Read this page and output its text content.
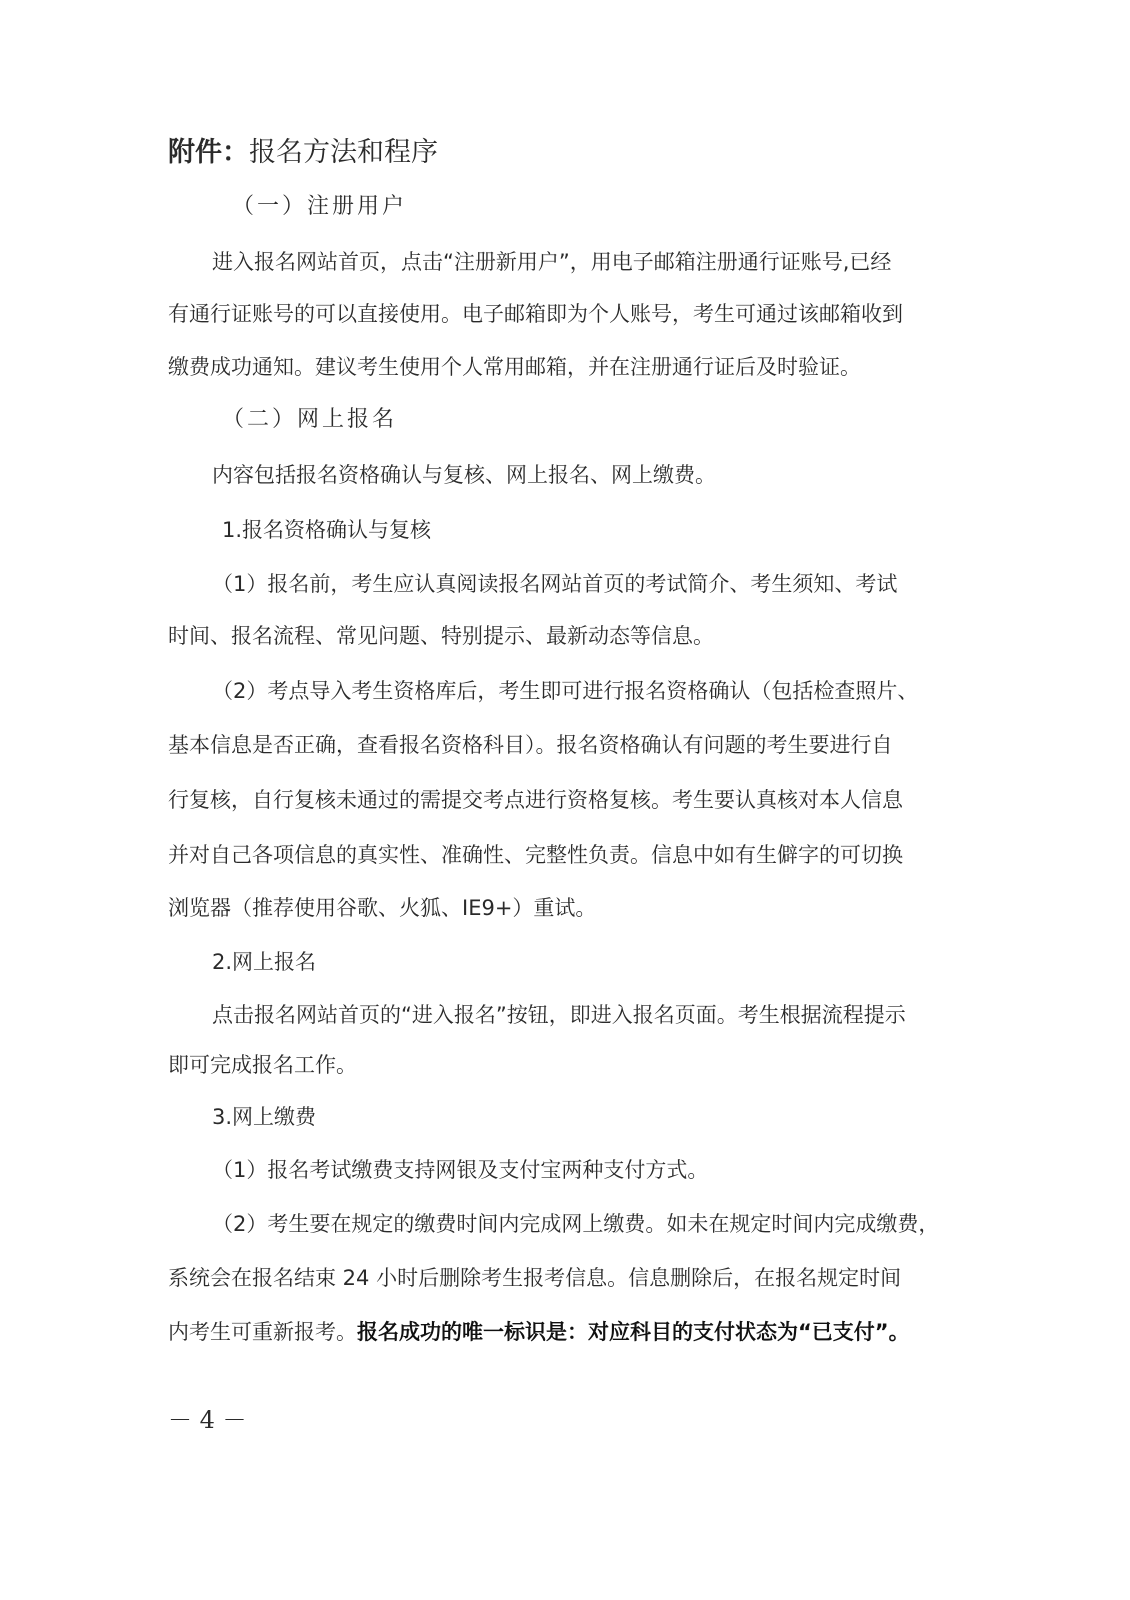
附件：报名方法和程序
（一）注册用户
进入报名网站首页，点击“注册新用户”，用电子邮箱注册通行证账号,已经
有通行证账号的可以直接使用。电子邮箱即为个人账号，考生可通过该邮箱收到
缴费成功通知。建议考生使用个人常用邮箱，并在注册通行证后及时验证。
（二）网上报名
内容包括报名资格确认与复核、网上报名、网上缴费。
1.报名资格确认与复核
（1）报名前，考生应认真阅读报名网站首页的考试简介、考生须知、考试
时间、报名流程、常见问题、特别提示、最新动态等信息。
（2）考点导入考生资格库后，考生即可进行报名资格确认（包括检查照片、
基本信息是否正确，查看报名资格科目）。报名资格确认有问题的考生要进行自
行复核，自行复核未通过的需提交考点进行资格复核。考生要认真核对本人信息
并对自己各项信息的真实性、准确性、完整性负责。信息中如有生僻字的可切换
浏览器（推荐使用谷歌、火狐、IE9+）重试。
2.网上报名
点击报名网站首页的“进入报名”按钮，即进入报名页面。考生根据流程提示
即可完成报名工作。
3.网上缴费
（1）报名考试缴费支持网银及支付宝两种支付方式。
（2）考生要在规定的缴费时间内完成网上缴费。如未在规定时间内完成缴费，
系统会在报名结束 24 小时后删除考生报考信息。信息删除后，在报名规定时间
内考生可重新报考。报名成功的唯一标识是：对应科目的支付状态为“已支付”。
－ 4 －
